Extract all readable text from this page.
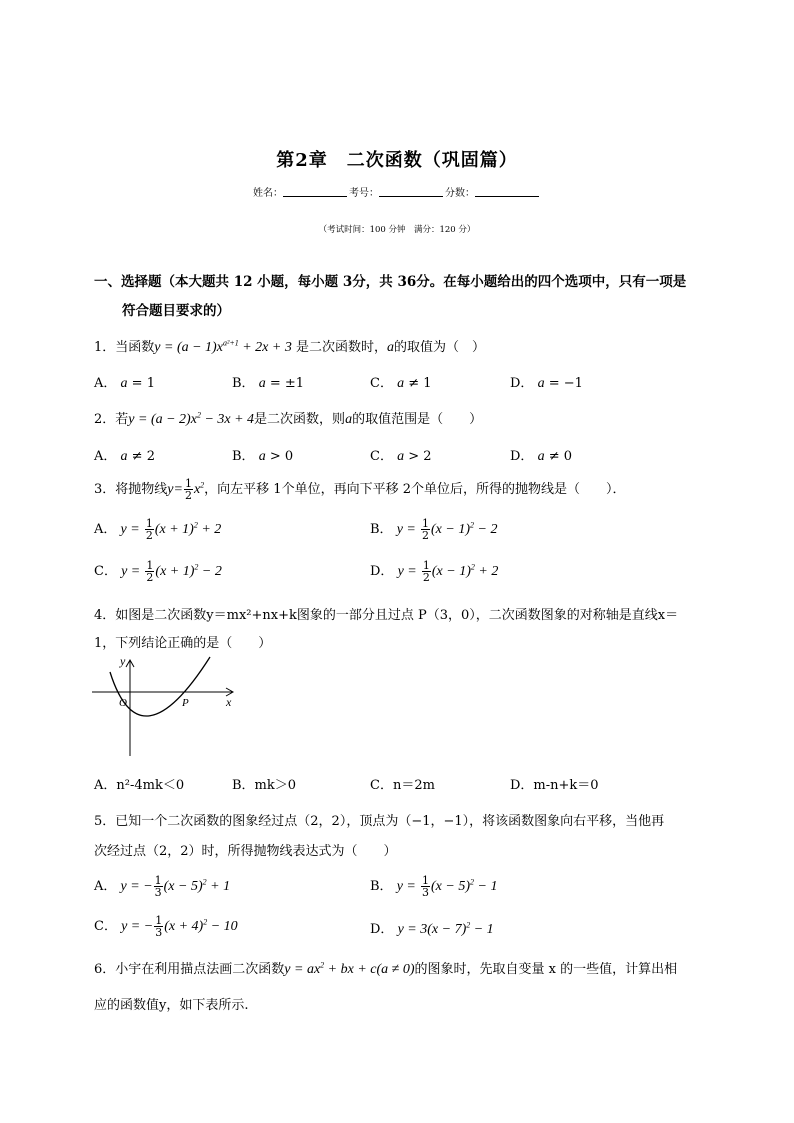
第2章　二次函数（巩固篇）
姓名：	考号：	分数：
（考试时间：100 分钟　满分：120 分）
一、选择题（本大题共 12 小题，每小题 3分，共 36分。在每小题给出的四个选项中，只有一项是
符合题目要求的）
1．当函数$y = (a - 1)x^{a^2+1} + 2x + 3$ 是二次函数时，a的取值为（　）
A． a = 1	B． a = ±1	C． a ≠ 1	D． a = −1
2．若$y = (a - 2)x^2 - 3x + 4$是二次函数，则a的取值范围是（　　）
A． a ≠ 2	B． a > 0	C． a > 2	D． a ≠ 0
3．将抛物线$y= \frac{1}{2} x^2$，向左平移 1个单位，再向下平移 2个单位后，所得的抛物线是（　　）．
A． $y = \frac{1}{2} (x + 1)^2 + 2$	B． $y = \frac{1}{2} (x - 1)^2 - 2$
C． $y = \frac{1}{2} (x + 1)^2 - 2$	D． $y = \frac{1}{2} (x - 1)^2 + 2$
4．如图是二次函数y＝mx²+nx+k图象的一部分且过点 P（3，0），二次函数图象的对称轴是直线x＝
1，下列结论正确的是（　　）
y
x
O	P
A．n²-4mk＜0	B．mk＞0	C．n＝2m	D．m-n+k＝0
5．已知一个二次函数的图象经过点（2，2），顶点为（−1，−1），将该函数图象向右平移，当他再
次经过点（2，2）时，所得抛物线表达式为（　　）
A． y = − $\frac{1}{3} (x - 5)^2 + 1$	B． $y = \frac{1}{3} (x - 5)^2 - 1$
C． y = − $\frac{1}{3} (x + 4)^2 - 10$	D． $y = 3(x - 7)^2 - 1$
6．小宇在利用描点法画二次函数$y = ax^2$ + bx + c(a ≠ 0)的图象时，先取自变量 x 的一些值，计算出相
应的函数值y，如下表所示.
